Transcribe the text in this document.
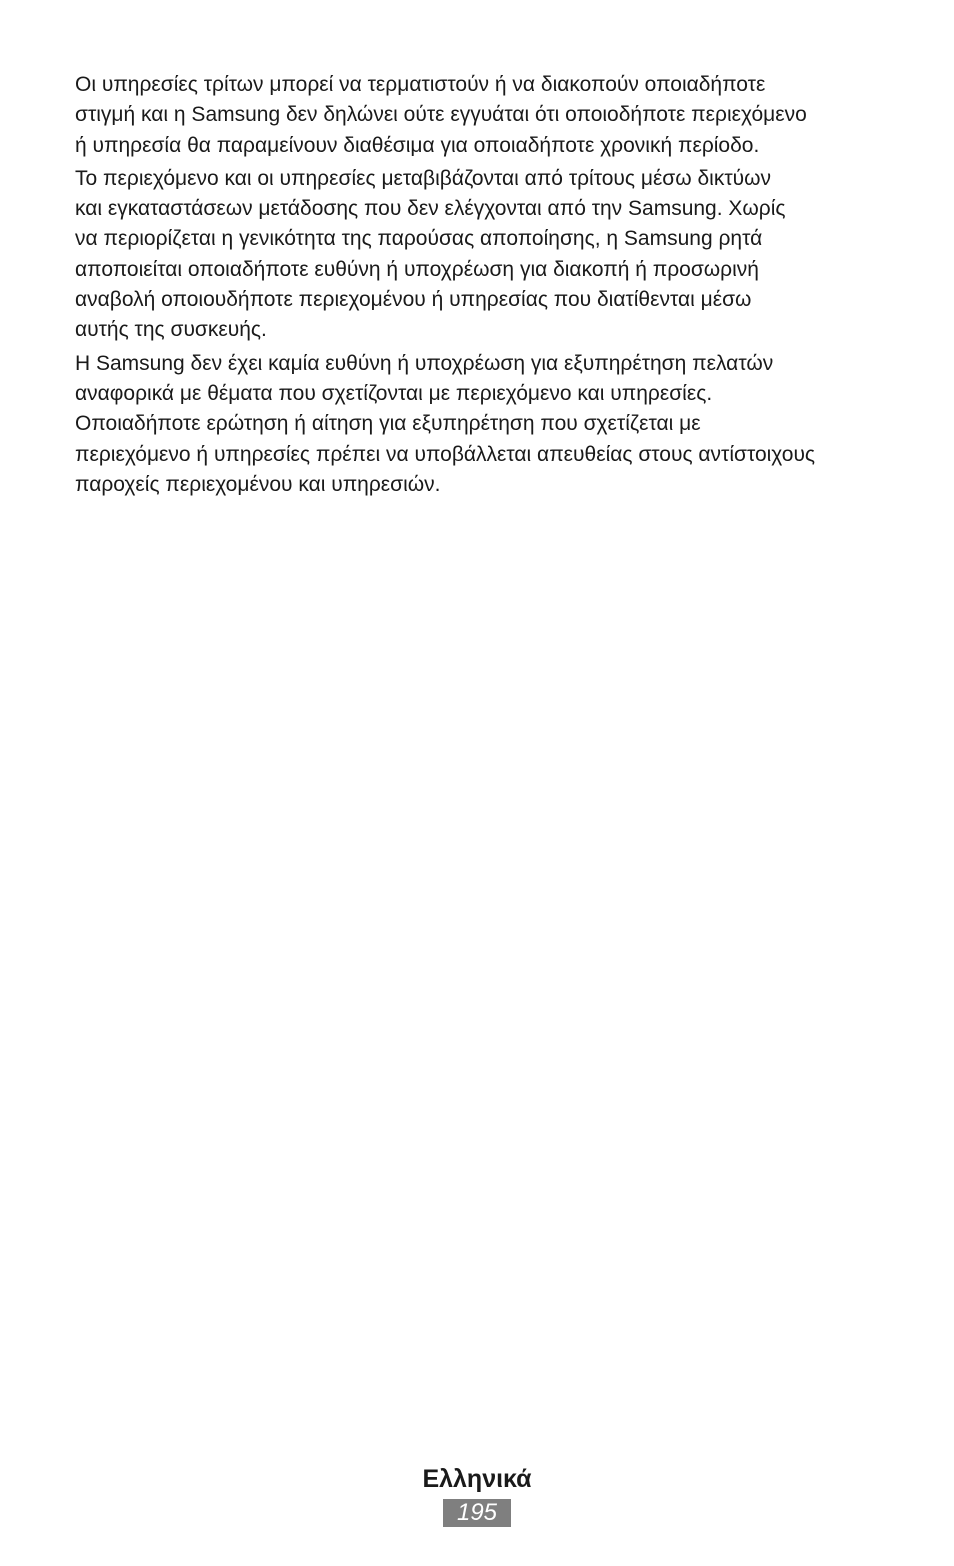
Οι υπηρεσίες τρίτων μπορεί να τερματιστούν ή να διακοπούν οποιαδήποτε
στιγμή και η Samsung δεν δηλώνει ούτε εγγυάται ότι οποιοδήποτε περιεχόμενο
ή υπηρεσία θα παραμείνουν διαθέσιμα για οποιαδήποτε χρονική περίοδο.

Το περιεχόμενο και οι υπηρεσίες μεταβιβάζονται από τρίτους μέσω δικτύων
και εγκαταστάσεων μετάδοσης που δεν ελέγχονται από την Samsung. Χωρίς
να περιορίζεται η γενικότητα της παρούσας αποποίησης, η Samsung ρητά
αποποιείται οποιαδήποτε ευθύνη ή υποχρέωση για διακοπή ή προσωρινή
αναβολή οποιουδήποτε περιεχομένου ή υπηρεσίας που διατίθενται μέσω
αυτής της συσκευής.

Η Samsung δεν έχει καμία ευθύνη ή υποχρέωση για εξυπηρέτηση πελατών
αναφορικά με θέματα που σχετίζονται με περιεχόμενο και υπηρεσίες.
Οποιαδήποτε ερώτηση ή αίτηση για εξυπηρέτηση που σχετίζεται με
περιεχόμενο ή υπηρεσίες πρέπει να υποβάλλεται απευθείας στους αντίστοιχους
παροχείς περιεχομένου και υπηρεσιών.

Ελληνικά
195
